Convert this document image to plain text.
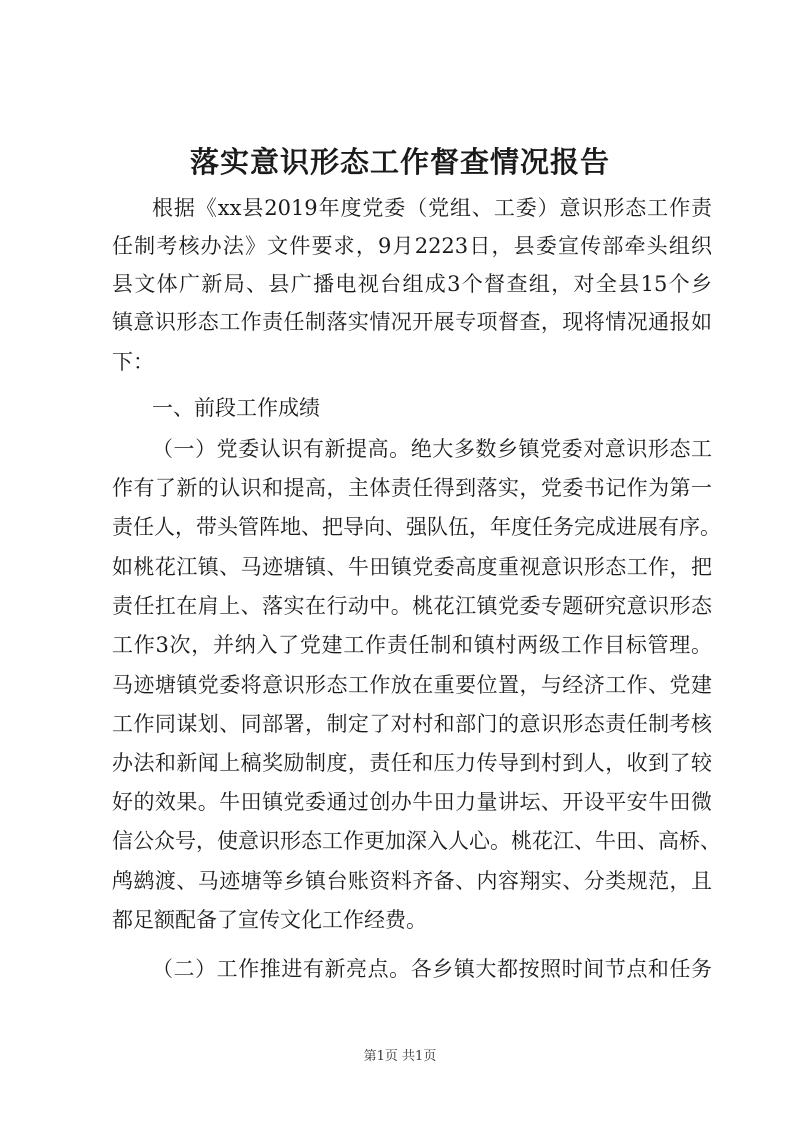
落实意识形态工作督查情况报告
根据《xx县2019年度党委（党组、工委）意识形态工作责
任制考核办法》文件要求，9月2223日，县委宣传部牵头组织
县文体广新局、县广播电视台组成3个督查组，对全县15个乡
镇意识形态工作责任制落实情况开展专项督查，现将情况通报如
下：
一、前段工作成绩
（一）党委认识有新提高。绝大多数乡镇党委对意识形态工
作有了新的认识和提高，主体责任得到落实，党委书记作为第一
责任人，带头管阵地、把导向、强队伍，年度任务完成进展有序。
如桃花江镇、马迹塘镇、牛田镇党委高度重视意识形态工作，把
责任扛在肩上、落实在行动中。桃花江镇党委专题研究意识形态
工作3次，并纳入了党建工作责任制和镇村两级工作目标管理。
马迹塘镇党委将意识形态工作放在重要位置，与经济工作、党建
工作同谋划、同部署，制定了对村和部门的意识形态责任制考核
办法和新闻上稿奖励制度，责任和压力传导到村到人，收到了较
好的效果。牛田镇党委通过创办牛田力量讲坛、开设平安牛田微
信公众号，使意识形态工作更加深入人心。桃花江、牛田、高桥、
鸬鹚渡、马迹塘等乡镇台账资料齐备、内容翔实、分类规范，且
都足额配备了宣传文化工作经费。
（二）工作推进有新亮点。各乡镇大都按照时间节点和任务
第1页 共1页
